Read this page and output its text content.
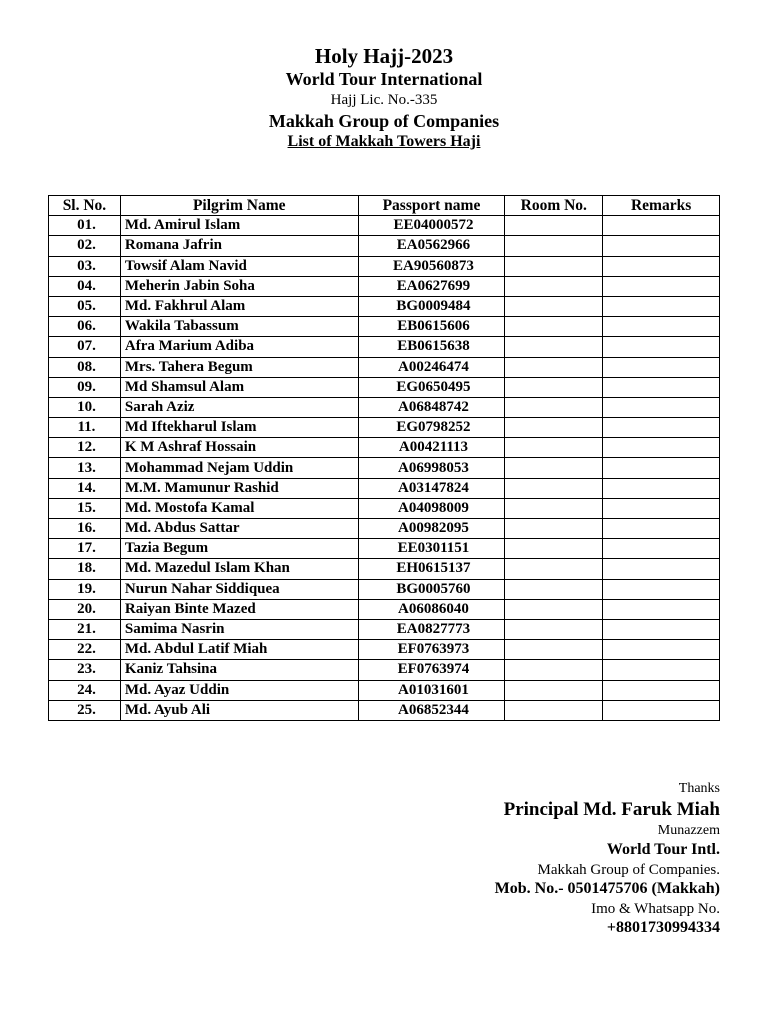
Holy Hajj-2023
World Tour International
Hajj Lic. No.-335
Makkah Group of Companies
List of Makkah Towers Haji
Sl. No.	Pilgrim Name	Passport name	Room No.	Remarks
01.	Md. Amirul Islam	EE04000572		
02.	Romana Jafrin	EA0562966		
03.	Towsif Alam Navid	EA90560873		
04.	Meherin Jabin Soha	EA0627699		
05.	Md. Fakhrul Alam	BG0009484		
06.	Wakila Tabassum	EB0615606		
07.	Afra Marium Adiba	EB0615638		
08.	Mrs. Tahera Begum	A00246474		
09.	Md Shamsul Alam	EG0650495		
10.	Sarah Aziz	A06848742		
11.	Md Iftekharul Islam	EG0798252		
12.	K M Ashraf Hossain	A00421113		
13.	Mohammad Nejam Uddin	A06998053		
14.	M.M. Mamunur Rashid	A03147824		
15.	Md. Mostofa Kamal	A04098009		
16.	Md. Abdus Sattar	A00982095		
17.	Tazia Begum	EE0301151		
18.	Md. Mazedul Islam Khan	EH0615137		
19.	Nurun Nahar Siddiquea	BG0005760		
20.	Raiyan Binte Mazed	A06086040		
21.	Samima Nasrin	EA0827773		
22.	Md. Abdul Latif Miah	EF0763973		
23.	Kaniz Tahsina	EF0763974		
24.	Md. Ayaz Uddin	A01031601		
25.	Md. Ayub Ali	A06852344		
Thanks
Principal Md. Faruk Miah
Munazzem
World Tour Intl.
Makkah Group of Companies.
Mob. No.- 0501475706 (Makkah)
Imo & Whatsapp No.
+8801730994334
